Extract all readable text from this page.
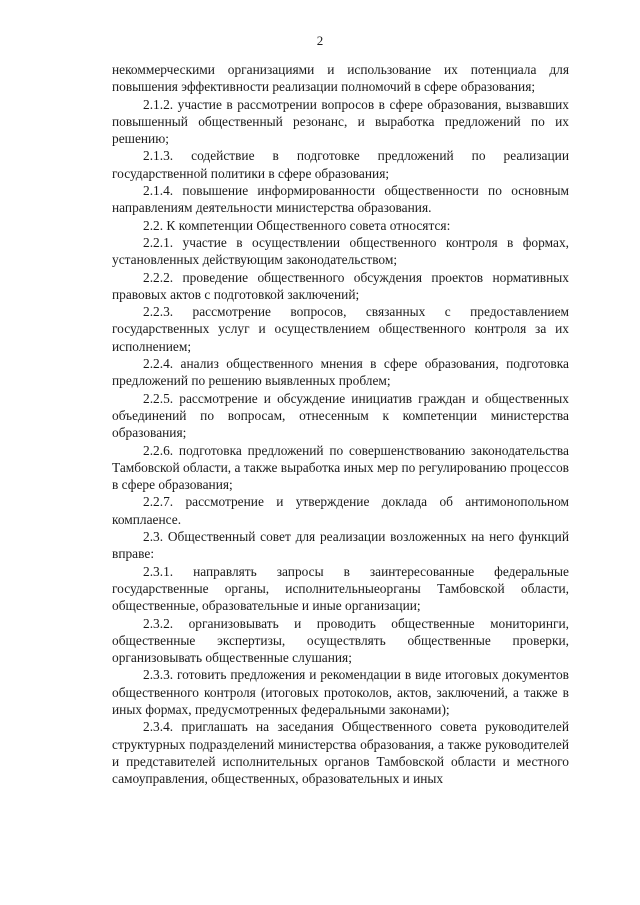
2

некоммерческими организациями и использование их потенциала для повышения эффективности реализации полномочий в сфере образования;

2.1.2. участие в рассмотрении вопросов в сфере образования, вызвавших повышенный общественный резонанс, и выработка предложений по их решению;

2.1.3. содействие в подготовке предложений по реализации государственной политики в сфере образования;

2.1.4. повышение информированности общественности по основным направлениям деятельности министерства образования.

2.2. К компетенции Общественного совета относятся:

2.2.1. участие в осуществлении общественного контроля в формах, установленных действующим законодательством;

2.2.2. проведение общественного обсуждения проектов нормативных правовых актов с подготовкой заключений;

2.2.3. рассмотрение вопросов, связанных с предоставлением государственных услуг и осуществлением общественного контроля за их исполнением;

2.2.4. анализ общественного мнения в сфере образования, подготовка предложений по решению выявленных проблем;

2.2.5. рассмотрение и обсуждение инициатив граждан и общественных объединений по вопросам, отнесенным к компетенции министерства образования;

2.2.6. подготовка предложений по совершенствованию законодательства Тамбовской области, а также выработка иных мер по регулированию процессов в сфере образования;

2.2.7. рассмотрение и утверждение доклада об антимонопольном комплаенсе.

2.3. Общественный совет для реализации возложенных на него функций вправе:

2.3.1. направлять запросы в заинтересованные федеральные государственные органы, исполнительныеорганы Тамбовской области, общественные, образовательные и иные организации;

2.3.2. организовывать и проводить общественные мониторинги, общественные экспертизы, осуществлять общественные проверки, организовывать общественные слушания;

2.3.3. готовить предложения и рекомендации в виде итоговых документов общественного контроля (итоговых протоколов, актов, заключений, а также в иных формах, предусмотренных федеральными законами);

2.3.4. приглашать на заседания Общественного совета руководителей структурных подразделений министерства образования, а также руководителей и представителей исполнительных органов Тамбовской области и местного самоуправления, общественных, образовательных и иных
